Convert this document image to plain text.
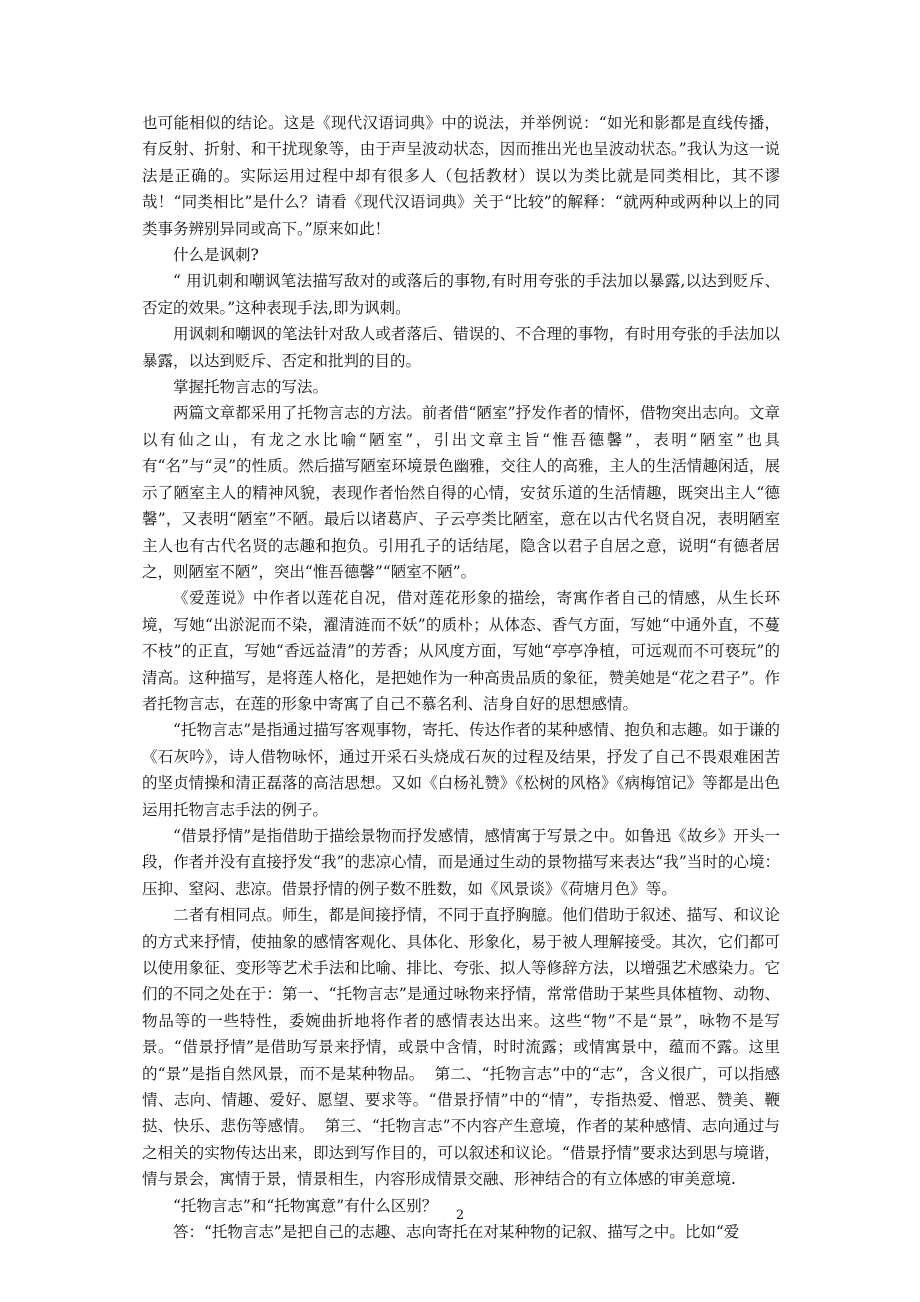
也可能相似的结论。这是《现代汉语词典》中的说法，并举例说：“如光和影都是直线传播，有反射、折射、和干扰现象等，由于声呈波动状态，因而推出光也呈波动状态。”我认为这一说法是正确的。实际运用过程中却有很多人（包括教材）误以为类比就是同类相比，其不谬哉！“同类相比”是什么？请看《现代汉语词典》关于“比较”的解释：“就两种或两种以上的同类事务辨别异同或高下。”原来如此！

什么是讽刺?

“ 用讥刺和嘲讽笔法描写敌对的或落后的事物,有时用夸张的手法加以暴露,以达到贬斥、否定的效果。”这种表现手法,即为讽刺。

用讽刺和嘲讽的笔法针对敌人或者落后、错误的、不合理的事物，有时用夸张的手法加以暴露，以达到贬斥、否定和批判的目的。

掌握托物言志的写法。

两篇文章都采用了托物言志的方法。前者借“陋室”抒发作者的情怀，借物突出志向。文章以有仙之山，有龙之水比喻“陋室”，引出文章主旨“惟吾德馨”，表明“陋室”也具有“名”与“灵”的性质。然后描写陋室环境景色幽雅，交往人的高雅，主人的生活情趣闲适，展示了陋室主人的精神风貌，表现作者怡然自得的心情，安贫乐道的生活情趣，既突出主人“德馨”，又表明“陋室”不陋。最后以诸葛庐、子云亭类比陋室，意在以古代名贤自况，表明陋室主人也有古代名贤的志趣和抱负。引用孔子的话结尾，隐含以君子自居之意，说明“有德者居之，则陋室不陋”，突出“惟吾德馨”“陋室不陋”。

《爱莲说》中作者以莲花自况，借对莲花形象的描绘，寄寓作者自己的情感，从生长环境，写她“出淤泥而不染，濯清涟而不妖”的质朴；从体态、香气方面，写她“中通外直，不蔓不枝”的正直，写她“香远益清”的芳香；从风度方面，写她“亭亭净植，可远观而不可亵玩”的清高。这种描写，是将莲人格化，是把她作为一种高贵品质的象征，赞美她是“花之君子”。作者托物言志，在莲的形象中寄寓了自己不慕名利、洁身自好的思想感情。

“托物言志”是指通过描写客观事物，寄托、传达作者的某种感情、抱负和志趣。如于谦的《石灰吟》，诗人借物咏怀，通过开采石头烧成石灰的过程及结果，抒发了自己不畏艰难困苦的坚贞情操和清正磊落的高洁思想。又如《白杨礼赞》《松树的风格》《病梅馆记》等都是出色运用托物言志手法的例子。

“借景抒情”是指借助于描绘景物而抒发感情，感情寓于写景之中。如鲁迅《故乡》开头一段，作者并没有直接抒发“我”的悲凉心情，而是通过生动的景物描写来表达“我”当时的心境：压抑、窒闷、悲凉。借景抒情的例子数不胜数，如《风景谈》《荷塘月色》等。

二者有相同点。师生，都是间接抒情，不同于直抒胸臆。他们借助于叙述、描写、和议论的方式来抒情，使抽象的感情客观化、具体化、形象化，易于被人理解接受。其次，它们都可以使用象征、变形等艺术手法和比喻、排比、夸张、拟人等修辞方法，以增强艺术感染力。它们的不同之处在于：第一、“托物言志”是通过咏物来抒情，常常借助于某些具体植物、动物、物品等的一些特性，委婉曲折地将作者的感情表达出来。这些“物”不是“景”，咏物不是写景。“借景抒情”是借助写景来抒情，或景中含情，时时流露；或情寓景中，蕴而不露。这里的“景”是指自然风景，而不是某种物品。  第二、“托物言志”中的“志”，含义很广，可以指感情、志向、情趣、爱好、愿望、要求等。“借景抒情”中的“情”，专指热爱、憎恶、赞美、鞭挞、快乐、悲伤等感情。  第三、“托物言志”不内容产生意境，作者的某种感情、志向通过与之相关的实物传达出来，即达到写作目的，可以叙述和议论。“借景抒情”要求达到思与境谐，情与景会，寓情于景，情景相生，内容形成情景交融、形神结合的有立体感的审美意境.

“托物言志”和“托物寓意”有什么区别？

答：“托物言志”是把自己的志趣、志向寄托在对某种物的记叙、描写之中。比如“爱

2
